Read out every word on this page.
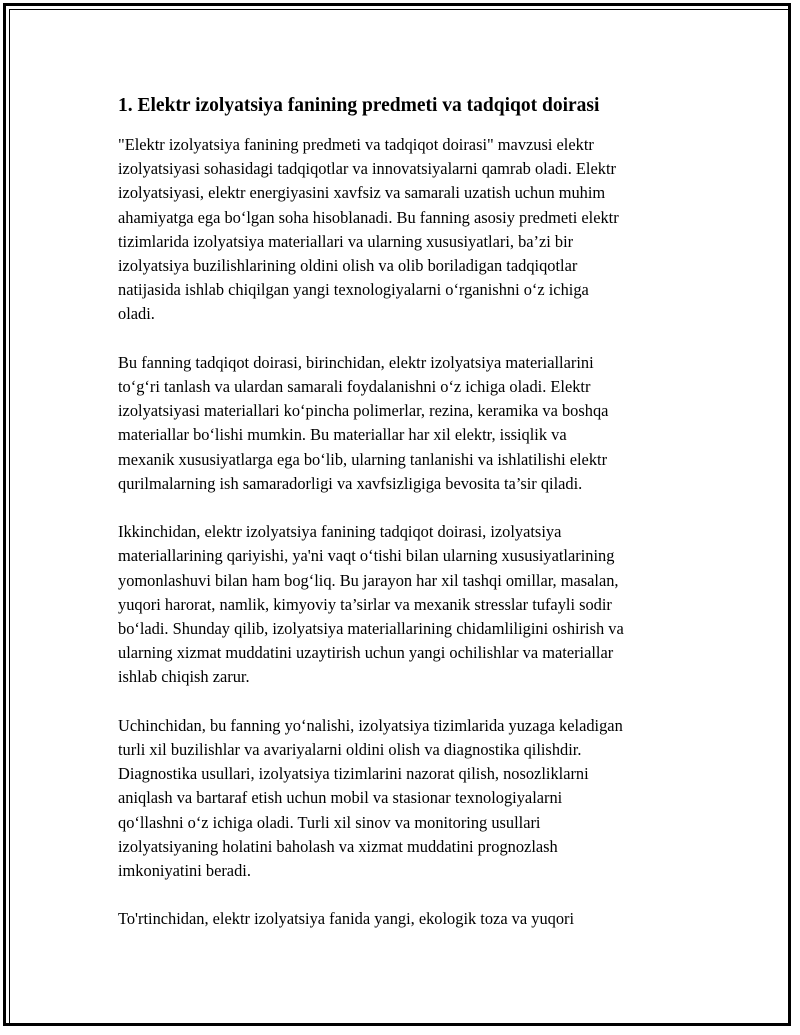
1. Elektr izolyatsiya fanining predmeti va tadqiqot doirasi

"Elektr izolyatsiya fanining predmeti va tadqiqot doirasi" mavzusi elektr
izolyatsiyasi sohasidagi tadqiqotlar va innovatsiyalarni qamrab oladi. Elektr
izolyatsiyasi, elektr energiyasini xavfsiz va samarali uzatish uchun muhim
ahamiyatga ega bo‘lgan soha hisoblanadi. Bu fanning asosiy predmeti elektr
tizimlarida izolyatsiya materiallari va ularning xususiyatlari, ba’zi bir
izolyatsiya buzilishlarining oldini olish va olib boriladigan tadqiqotlar
natijasida ishlab chiqilgan yangi texnologiyalarni o‘rganishni o‘z ichiga
oladi.

Bu fanning tadqiqot doirasi, birinchidan, elektr izolyatsiya materiallarini
to‘g‘ri tanlash va ulardan samarali foydalanishni o‘z ichiga oladi. Elektr
izolyatsiyasi materiallari ko‘pincha polimerlar, rezina, keramika va boshqa
materiallar bo‘lishi mumkin. Bu materiallar har xil elektr, issiqlik va
mexanik xususiyatlarga ega bo‘lib, ularning tanlanishi va ishlatilishi elektr
qurilmalarning ish samaradorligi va xavfsizligiga bevosita ta’sir qiladi.

Ikkinchidan, elektr izolyatsiya fanining tadqiqot doirasi, izolyatsiya
materiallarining qariyishi, ya'ni vaqt o‘tishi bilan ularning xususiyatlarining
yomonlashuvi bilan ham bog‘liq. Bu jarayon har xil tashqi omillar, masalan,
yuqori harorat, namlik, kimyoviy ta’sirlar va mexanik stresslar tufayli sodir
bo‘ladi. Shunday qilib, izolyatsiya materiallarining chidamliligini oshirish va
ularning xizmat muddatini uzaytirish uchun yangi ochilishlar va materiallar
ishlab chiqish zarur.

Uchinchidan, bu fanning yo‘nalishi, izolyatsiya tizimlarida yuzaga keladigan
turli xil buzilishlar va avariyalarni oldini olish va diagnostika qilishdir.
Diagnostika usullari, izolyatsiya tizimlarini nazorat qilish, nosozliklarni
aniqlash va bartaraf etish uchun mobil va stasionar texnologiyalarni
qo‘llashni o‘z ichiga oladi. Turli xil sinov va monitoring usullari
izolyatsiyaning holatini baholash va xizmat muddatini prognozlash
imkoniyatini beradi.

To'rtinchidan, elektr izolyatsiya fanida yangi, ekologik toza va yuqori
